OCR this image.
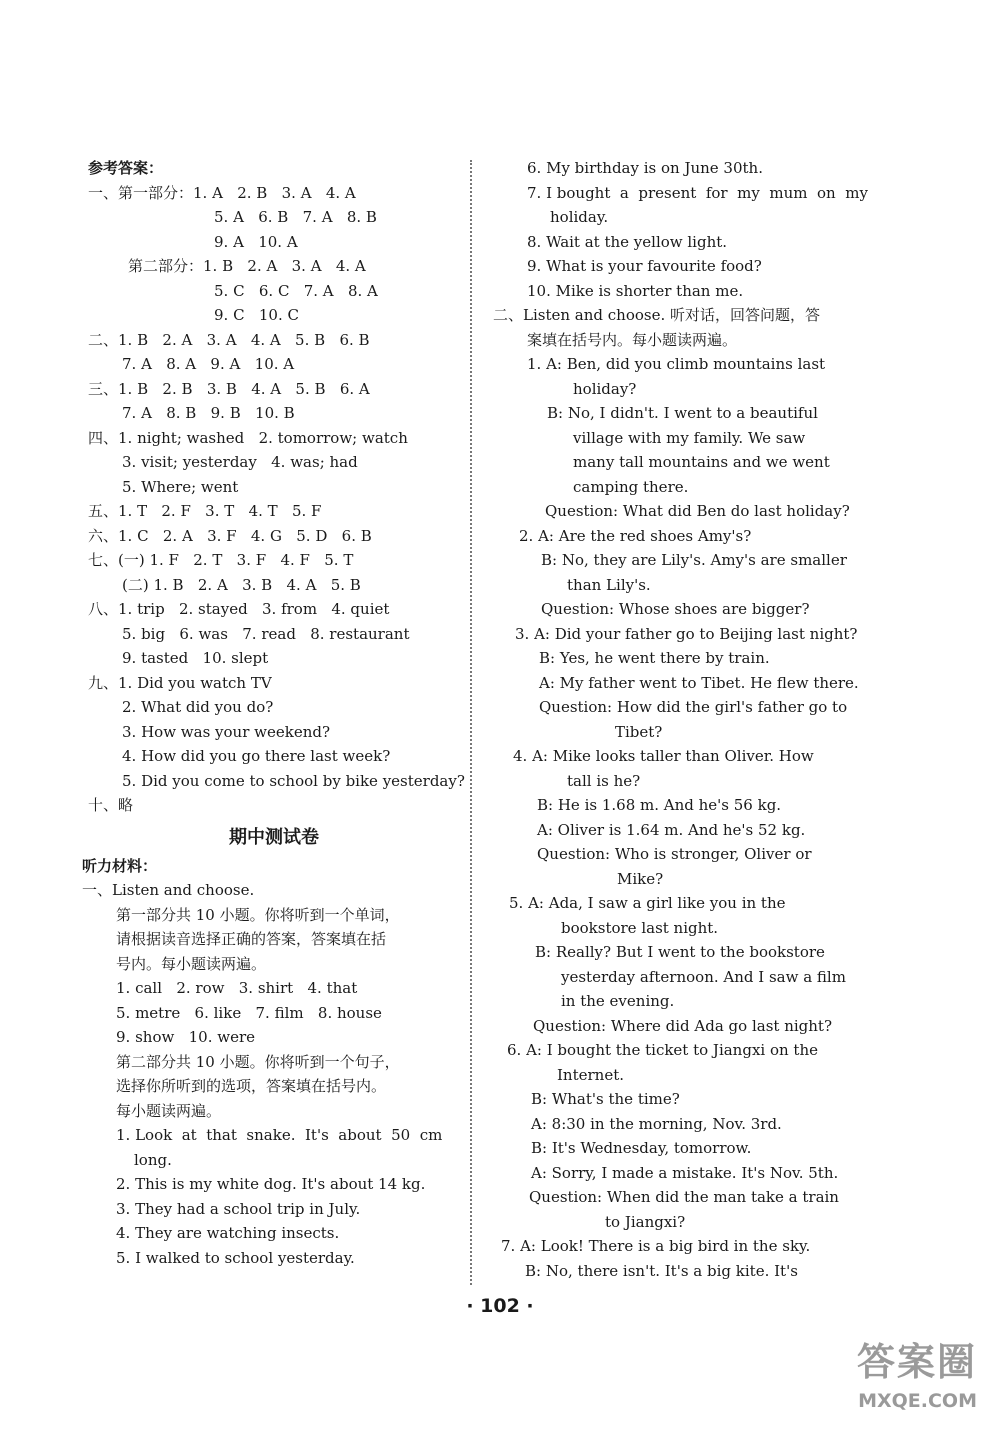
参考答案：
一、第一部分：1. A   2. B   3. A   4. A
5. A   6. B   7. A   8. B
9. A   10. A
第二部分：1. B   2. A   3. A   4. A
5. C   6. C   7. A   8. A
9. C   10. C
二、1. B   2. A   3. A   4. A   5. B   6. B
7. A   8. A   9. A   10. A
三、1. B   2. B   3. B   4. A   5. B   6. A
7. A   8. B   9. B   10. B
四、1. night; washed   2. tomorrow; watch
3. visit; yesterday   4. was; had
5. Where; went
五、1. T   2. F   3. T   4. T   5. F
六、1. C   2. A   3. F   4. G   5. D   6. B
七、(一) 1. F   2. T   3. F   4. F   5. T
(二) 1. B   2. A   3. B   4. A   5. B
八、1. trip   2. stayed   3. from   4. quiet
5. big   6. was   7. read   8. restaurant
9. tasted   10. slept
九、1. Did you watch TV
2. What did you do?
3. How was your weekend?
4. How did you go there last week?
5. Did you come to school by bike yesterday?
十、略
期中测试卷
听力材料：
一、Listen and choose.
第一部分共 10 小题。你将听到一个单词，
请根据读音选择正确的答案，答案填在括
号内。每小题读两遍。
1. call   2. row   3. shirt   4. that
5. metre   6. like   7. film   8. house
9. show   10. were
第二部分共 10 小题。你将听到一个句子，
选择你所听到的选项，答案填在括号内。
每小题读两遍。
1. Look  at  that  snake.  It's  about  50  cm
long.
2. This is my white dog. It's about 14 kg.
3. They had a school trip in July.
4. They are watching insects.
5. I walked to school yesterday.
6. My birthday is on June 30th.
7. I bought  a  present  for  my  mum  on  my
holiday.
8. Wait at the yellow light.
9. What is your favourite food?
10. Mike is shorter than me.
二、Listen and choose. 听对话，回答问题，答
案填在括号内。每小题读两遍。
1. A: Ben, did you climb mountains last
holiday?
B: No, I didn't. I went to a beautiful
village with my family. We saw
many tall mountains and we went
camping there.
Question: What did Ben do last holiday?
2. A: Are the red shoes Amy's?
B: No, they are Lily's. Amy's are smaller
than Lily's.
Question: Whose shoes are bigger?
3. A: Did your father go to Beijing last night?
B: Yes, he went there by train.
A: My father went to Tibet. He flew there.
Question: How did the girl's father go to
Tibet?
4. A: Mike looks taller than Oliver. How
tall is he?
B: He is 1.68 m. And he's 56 kg.
A: Oliver is 1.64 m. And he's 52 kg.
Question: Who is stronger, Oliver or
Mike?
5. A: Ada, I saw a girl like you in the
bookstore last night.
B: Really? But I went to the bookstore
yesterday afternoon. And I saw a film
in the evening.
Question: Where did Ada go last night?
6. A: I bought the ticket to Jiangxi on the
Internet.
B: What's the time?
A: 8:30 in the morning, Nov. 3rd.
B: It's Wednesday, tomorrow.
A: Sorry, I made a mistake. It's Nov. 5th.
Question: When did the man take a train
to Jiangxi?
7. A: Look! There is a big bird in the sky.
B: No, there isn't. It's a big kite. It's
· 102 ·
答案圈
MXQE.COM
